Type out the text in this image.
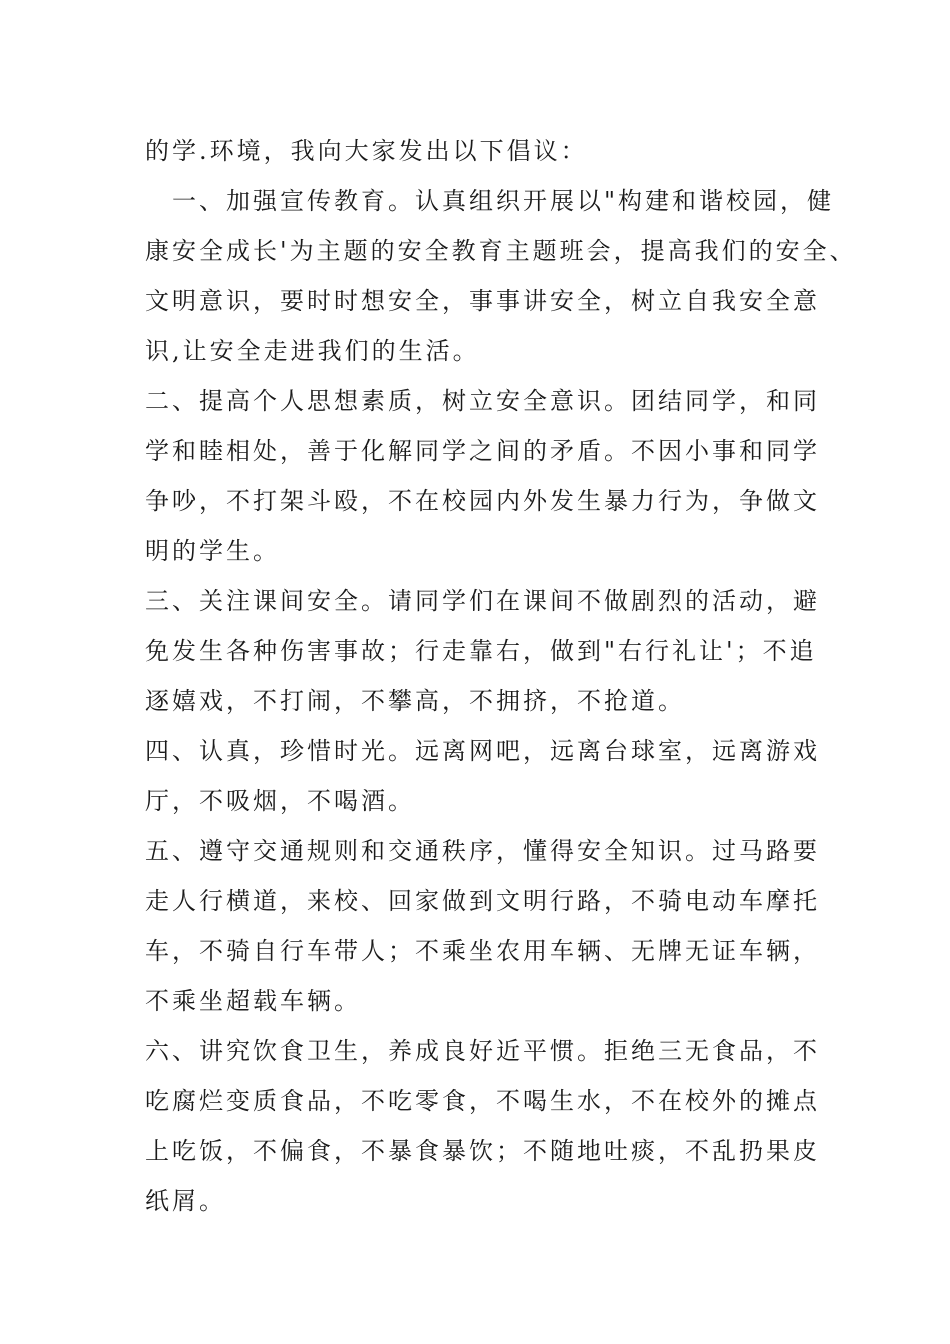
的学.环境，我向大家发出以下倡议：
　一、加强宣传教育。认真组织开展以"构建和谐校园，健
康安全成长'为主题的安全教育主题班会，提高我们的安全、
文明意识，要时时想安全，事事讲安全，树立自我安全意
识,让安全走进我们的生活。
二、提高个人思想素质，树立安全意识。团结同学，和同
学和睦相处，善于化解同学之间的矛盾。不因小事和同学
争吵，不打架斗殴，不在校园内外发生暴力行为，争做文
明的学生。
三、关注课间安全。请同学们在课间不做剧烈的活动，避
免发生各种伤害事故；行走靠右，做到"右行礼让'；不追
逐嬉戏，不打闹，不攀高，不拥挤，不抢道。
四、认真，珍惜时光。远离网吧，远离台球室，远离游戏
厅，不吸烟，不喝酒。
五、遵守交通规则和交通秩序，懂得安全知识。过马路要
走人行横道，来校、回家做到文明行路，不骑电动车摩托
车，不骑自行车带人；不乘坐农用车辆、无牌无证车辆，
不乘坐超载车辆。
六、讲究饮食卫生，养成良好近平惯。拒绝三无食品，不
吃腐烂变质食品，不吃零食，不喝生水，不在校外的摊点
上吃饭，不偏食，不暴食暴饮；不随地吐痰，不乱扔果皮
纸屑。
